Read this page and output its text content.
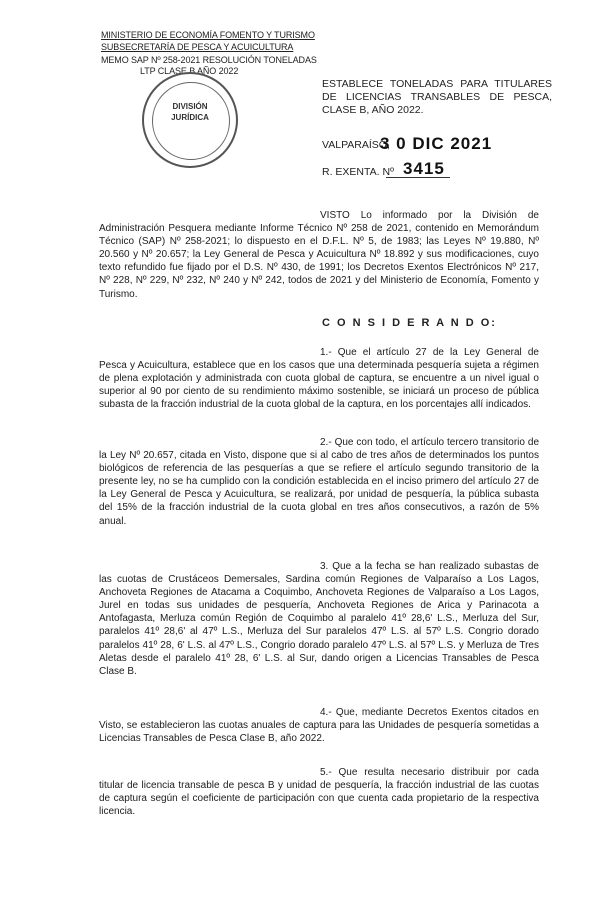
MINISTERIO DE ECONOMÍA FOMENTO Y TURISMO
SUBSECRETARÍA DE PESCA Y ACUICULTURA
MEMO SAP Nº 258-2021 RESOLUCIÓN TONELADAS
LTP CLASE B AÑO 2022
DIVISIÓN
JURÍDICA
ESTABLECE TONELADAS PARA TITULARES DE LICENCIAS TRANSABLES DE PESCA, CLASE B, AÑO 2022.
VALPARAÍSO,
3 0 DIC 2021
R. EXENTA. Nº 3415
VISTO Lo informado por la División de Administración Pesquera mediante Informe Técnico Nº 258 de 2021, contenido en Memorándum Técnico (SAP) Nº 258-2021; lo dispuesto en el D.F.L. Nº 5, de 1983; las Leyes Nº 19.880, Nº 20.560 y Nº 20.657; la Ley General de Pesca y Acuicultura Nº 18.892 y sus modificaciones, cuyo texto refundido fue fijado por el D.S. Nº 430, de 1991; los Decretos Exentos Electrónicos Nº 217, Nº 228, Nº 229, Nº 232, Nº 240 y Nº 242, todos de 2021 y del Ministerio de Economía, Fomento y Turismo.
C O N S I D E R A N D O:
1.- Que el artículo 27 de la Ley General de Pesca y Acuicultura, establece que en los casos que una determinada pesquería sujeta a régimen de plena explotación y administrada con cuota global de captura, se encuentre a un nivel igual o superior al 90 por ciento de su rendimiento máximo sostenible, se iniciará un proceso de pública subasta de la fracción industrial de la cuota global de la captura, en los porcentajes allí indicados.
2.- Que con todo, el artículo tercero transitorio de la Ley Nº 20.657, citada en Visto, dispone que si al cabo de tres años de determinados los puntos biológicos de referencia de las pesquerías a que se refiere el artículo segundo transitorio de la presente ley, no se ha cumplido con la condición establecida en el inciso primero del artículo 27 de la Ley General de Pesca y Acuicultura, se realizará, por unidad de pesquería, la pública subasta del 15% de la fracción industrial de la cuota global en tres años consecutivos, a razón de 5% anual.
3. Que a la fecha se han realizado subastas de las cuotas de Crustáceos Demersales, Sardina común Regiones de Valparaíso a Los Lagos, Anchoveta Regiones de Atacama a Coquimbo, Anchoveta Regiones de Valparaíso a Los Lagos, Jurel en todas sus unidades de pesquería, Anchoveta Regiones de Arica y Parinacota a Antofagasta, Merluza común Región de Coquimbo al paralelo 41º 28,6' L.S., Merluza del Sur, paralelos 41º 28,6' al 47º L.S., Merluza del Sur paralelos 47º L.S. al 57º L.S. Congrio dorado paralelos 41º 28, 6' L.S. al 47º L.S., Congrio dorado paralelo 47º L.S. al 57º L.S. y Merluza de Tres Aletas desde el paralelo 41º 28, 6' L.S. al Sur, dando origen a Licencias Transables de Pesca Clase B.
4.- Que, mediante Decretos Exentos citados en Visto, se establecieron las cuotas anuales de captura para las Unidades de pesquería sometidas a Licencias Transables de Pesca Clase B, año 2022.
5.- Que resulta necesario distribuir por cada titular de licencia transable de pesca B y unidad de pesquería, la fracción industrial de las cuotas de captura según el coeficiente de participación con que cuenta cada propietario de la respectiva licencia.
